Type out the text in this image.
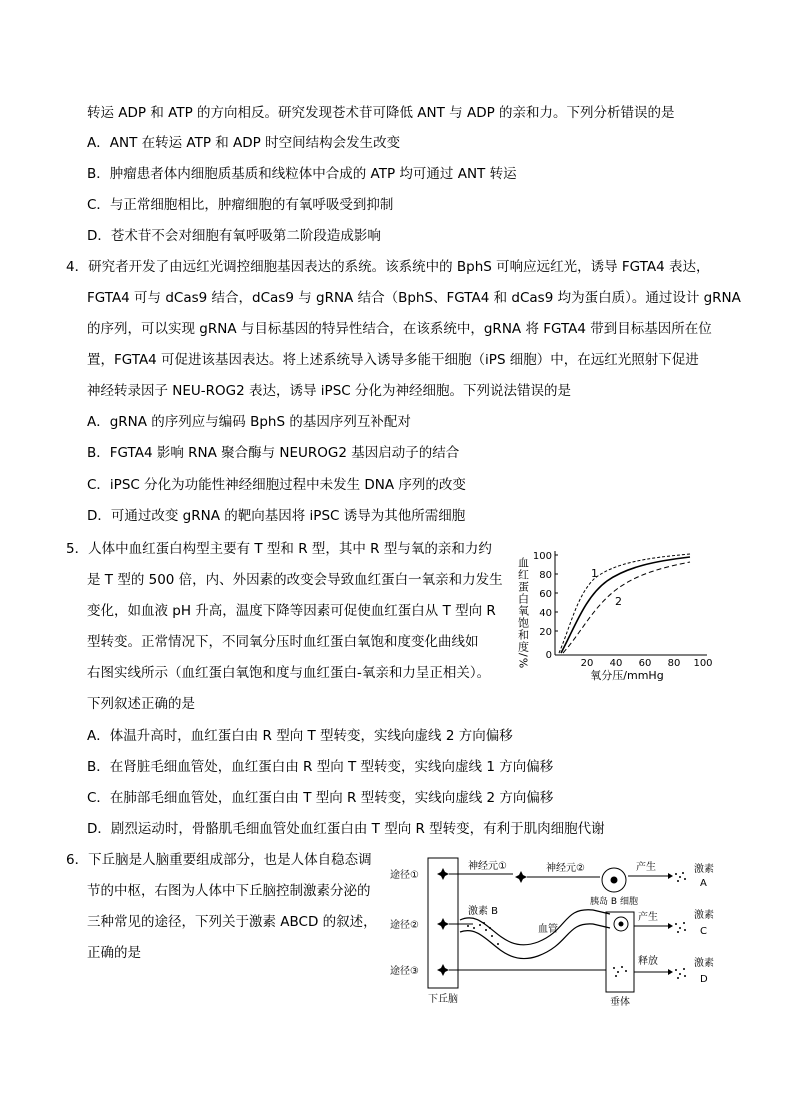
转运 ADP 和 ATP 的方向相反。研究发现苍术苷可降低 ANT 与 ADP 的亲和力。下列分析错误的是
A．ANT 在转运 ATP 和 ADP 时空间结构会发生改变
B．肿瘤患者体内细胞质基质和线粒体中合成的 ATP 均可通过 ANT 转运
C．与正常细胞相比，肿瘤细胞的有氧呼吸受到抑制
D．苍术苷不会对细胞有氧呼吸第二阶段造成影响
4．研究者开发了由远红光调控细胞基因表达的系统。该系统中的 BphS 可响应远红光，诱导 FGTA4 表达，
FGTA4 可与 dCas9 结合，dCas9 与 gRNA 结合（BphS、FGTA4 和 dCas9 均为蛋白质）。通过设计 gRNA
的序列，可以实现 gRNA 与目标基因的特异性结合，在该系统中，gRNA 将 FGTA4 带到目标基因所在位
置，FGTA4 可促进该基因表达。将上述系统导入诱导多能干细胞（iPS 细胞）中，在远红光照射下促进
神经转录因子 NEU-ROG2 表达，诱导 iPSC 分化为神经细胞。下列说法错误的是
A．gRNA 的序列应与编码 BphS 的基因序列互补配对
B．FGTA4 影响 RNA 聚合酶与 NEUROG2 基因启动子的结合
C．iPSC 分化为功能性神经细胞过程中未发生 DNA 序列的改变
D．可通过改变 gRNA 的靶向基因将 iPSC 诱导为其他所需细胞
5．人体中血红蛋白构型主要有 T 型和 R 型，其中 R 型与氧的亲和力约
是 T 型的 500 倍，内、外因素的改变会导致血红蛋白一氧亲和力发生
变化，如血液 pH 升高，温度下降等因素可促使血红蛋白从 T 型向 R
型转变。正常情况下，不同氧分压时血红蛋白氧饱和度变化曲线如
右图实线所示（血红蛋白氧饱和度与血红蛋白-氧亲和力呈正相关）。
下列叙述正确的是
A．体温升高时，血红蛋白由 R 型向 T 型转变，实线向虚线 2 方向偏移
B．在肾脏毛细血管处，血红蛋白由 R 型向 T 型转变，实线向虚线 1 方向偏移
C．在肺部毛细血管处，血红蛋白由 T 型向 R 型转变，实线向虚线 2 方向偏移
D．剧烈运动时，骨骼肌毛细血管处血红蛋白由 T 型向 R 型转变，有利于肌肉细胞代谢
血红蛋白氧饱和度/%
100
80
60
40
20
0
20 40 60 80 100
氧分压/mmHg
1
2
6．下丘脑是人脑重要组成部分，也是人体自稳态调
节的中枢，右图为人体中下丘脑控制激素分泌的
三种常见的途径，下列关于激素 ABCD 的叙述，
正确的是
途径①
途径②
途径③
下丘脑
神经元①	神经元②
胰岛 B 细胞
产生	激素
A
激素 B
血管
垂体
产生	激素
C
释放	激素
D
